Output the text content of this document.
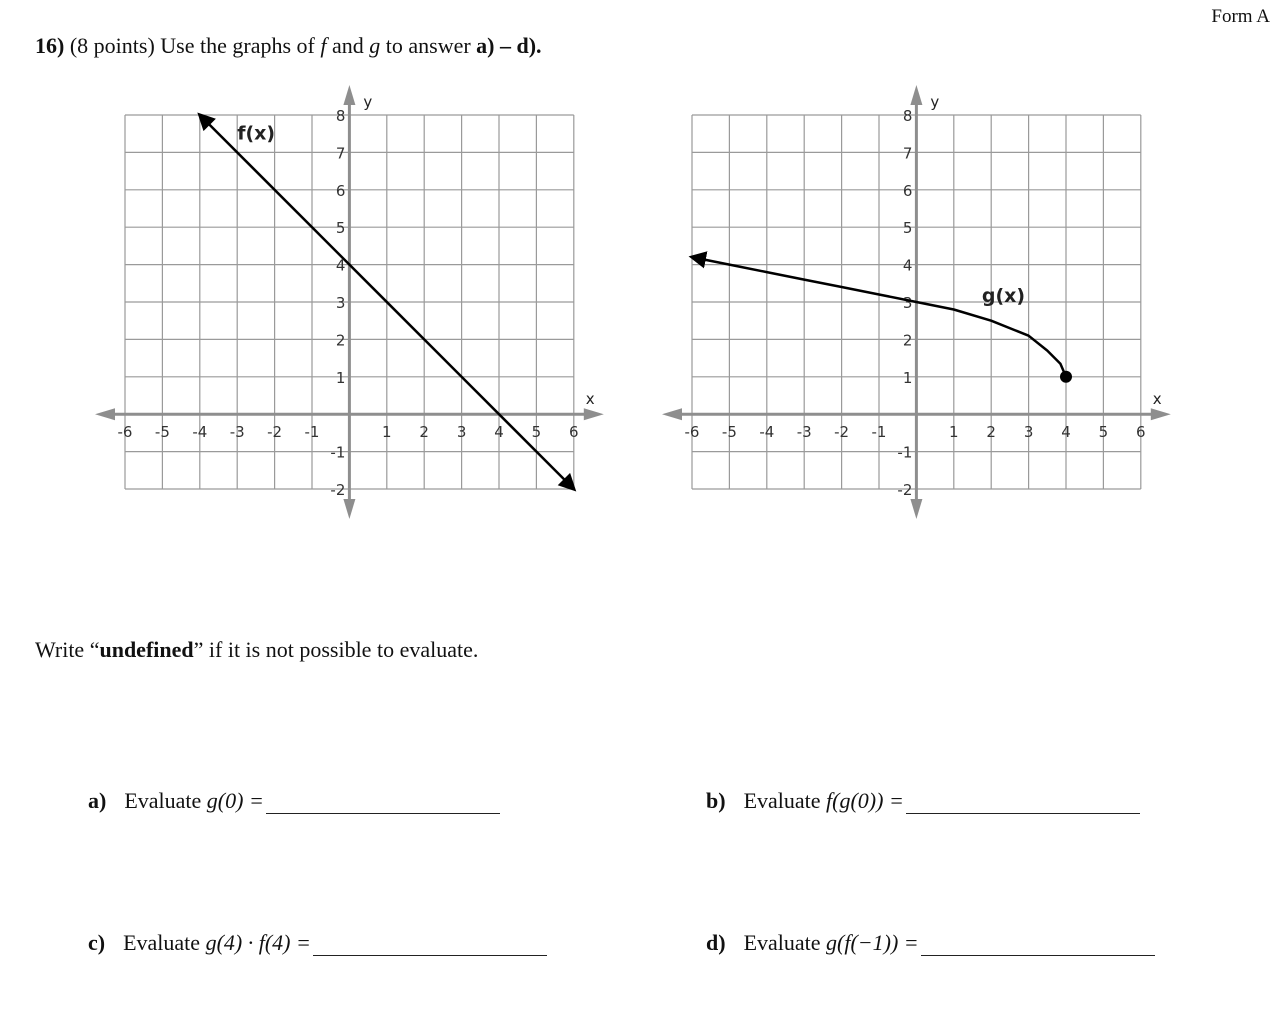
Form A
16) (8 points) Use the graphs of f and g to answer a) – d).
x
y
-6 -5 -4 -3 -2 -1	1 2 3 4 5 6
8
7
6
5
4
3
2
1
-1
-2
f(x)
x
y
-6 -5 -4 -3 -2 -1	1 2 3 4 5 6
8
7
6
5
4
3
2
1
-1
-2
g(x)
Write “undefined” if it is not possible to evaluate.
a) Evaluate
g(0) =	b) Evaluate
f(g(0)) =
c) Evaluate
g(4) · f(4) =	d) Evaluate
g(f(−1)) =
